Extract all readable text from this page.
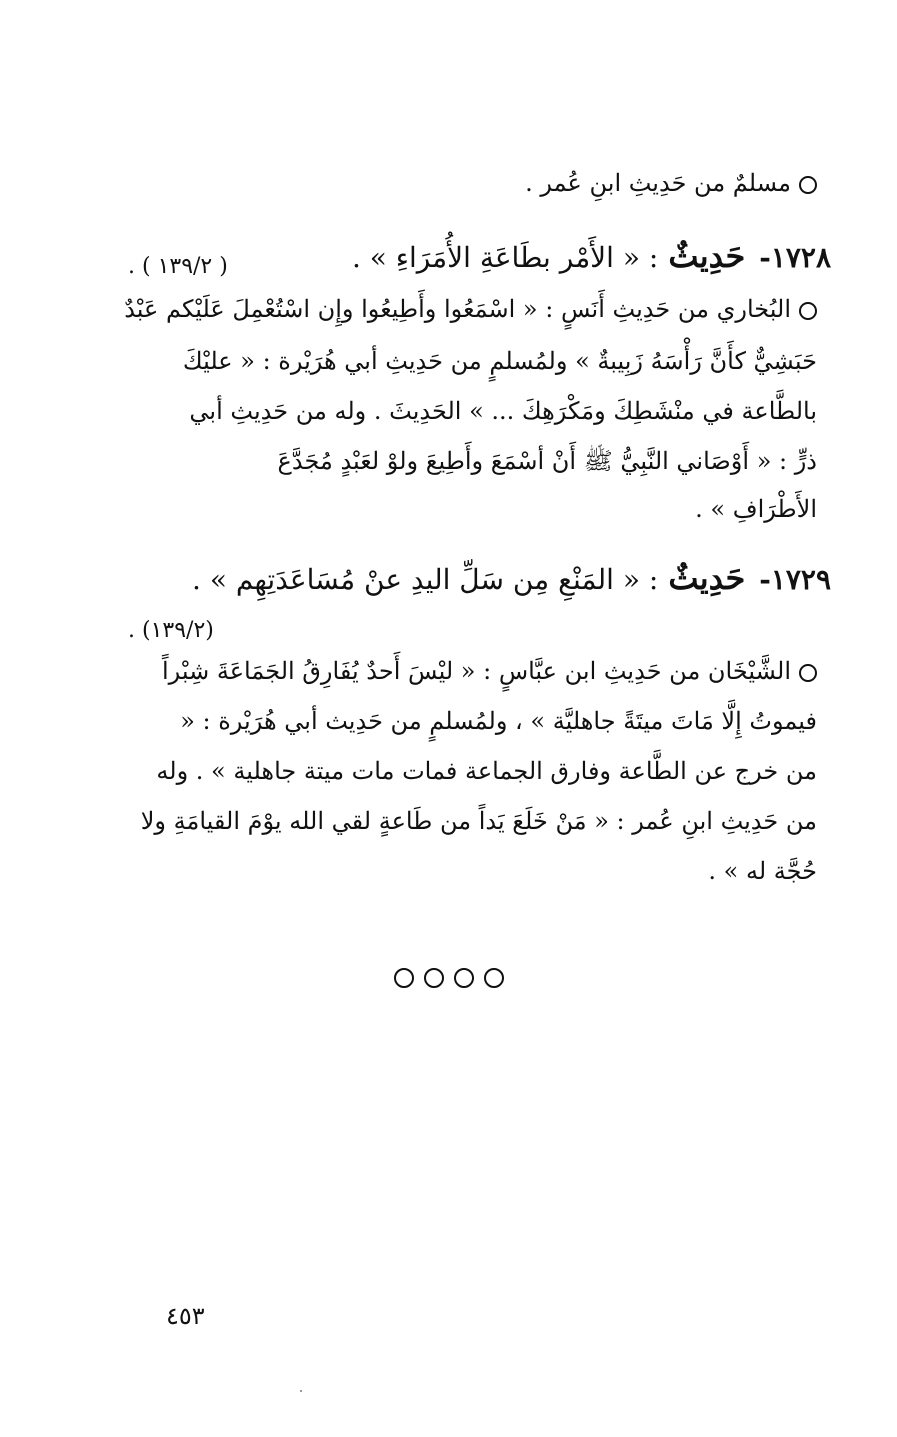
مسلمٌ من حَدِيثِ ابنِ عُمر .
١٧٢٨-حَدِيثٌ: « الأَمْر بطَاعَةِ الأُمَرَاءِ » .
( ١٣٩/٢ ) .
البُخاري من حَدِيثِ أَنَسٍ : « اسْمَعُوا وأَطِيعُوا وإِن اسْتُعْمِلَ عَلَيْكم عَبْدٌ
حَبَشِيٌّ كأَنَّ رَأْسَهُ زَبِيبةٌ » ولمُسلمٍ من حَدِيثِ أبي هُرَيْرة : « عليْكَ
بالطَّاعة في منْشَطِكَ ومَكْرَهِكَ ... » الحَدِيثَ . وله من حَدِيثِ أبي
ذرٍّ : « أَوْصَاني النَّبِيُّ ﷺ أَنْ أسْمَعَ وأَطِيعَ ولوْ لعَبْدٍ مُجَدَّعَ
الأَطْرَافِ » .
١٧٢٩-حَدِيثٌ: « المَنْعِ مِن سَلِّ اليدِ عنْ مُسَاعَدَتِهِم » .
(١٣٩/٢) .
الشَّيْخَان من حَدِيثِ ابن عبَّاسٍ : « ليْسَ أَحدٌ يُفَارِقُ الجَمَاعَةَ شِبْراً
فيموتُ إِلَّا مَاتَ ميتَةً جاهليَّة » ، ولمُسلمٍ من حَدِيث أبي هُرَيْرة : «
من خرج عن الطَّاعة وفارق الجماعة فمات مات ميتة جاهلية » . وله
من حَدِيثِ ابنِ عُمر : « مَنْ خَلَعَ يَداً من طَاعةٍ لقي الله يوْمَ القيامَةِ ولا
حُجَّة له » .
٤٥٣
